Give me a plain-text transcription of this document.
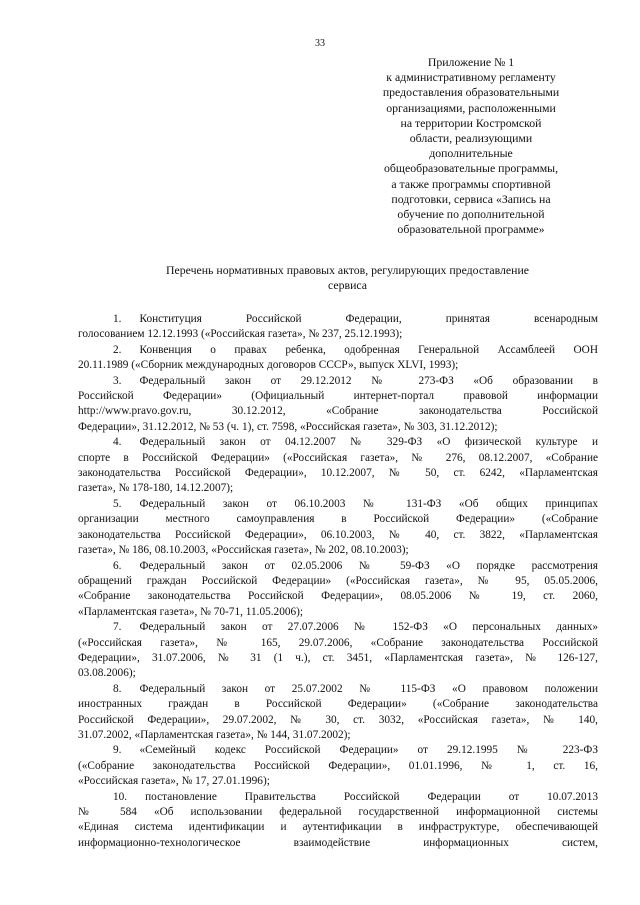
33
Приложение № 1
к административному регламенту
предоставления образовательными
организациями, расположенными
на территории Костромской
области, реализующими
дополнительные
общеобразовательные программы,
а также программы спортивной
подготовки, сервиса «Запись на
обучение по дополнительной
образовательной программе»
Перечень нормативных правовых актов, регулирующих предоставление
сервиса
1. Конституция Российской Федерации, принятая всенародным
голосованием 12.12.1993 («Российская газета», № 237, 25.12.1993);
2. Конвенция о правах ребенка, одобренная Генеральной Ассамблеей ООН
20.11.1989 («Сборник международных договоров СССР», выпуск XLVI, 1993);
3. Федеральный закон от 29.12.2012 № 273-ФЗ «Об образовании в
Российской Федерации» (Официальный интернет-портал правовой информации
http://www.pravo.gov.ru, 30.12.2012, «Собрание законодательства Российской
Федерации», 31.12.2012, № 53 (ч. 1), ст. 7598, «Российская газета», № 303, 31.12.2012);
4. Федеральный закон от 04.12.2007 № 329-ФЗ «О физической культуре и
спорте в Российской Федерации» («Российская газета», № 276, 08.12.2007, «Собрание
законодательства Российской Федерации», 10.12.2007, № 50, ст. 6242, «Парламентская
газета», № 178-180, 14.12.2007);
5. Федеральный закон от 06.10.2003 № 131-ФЗ «Об общих принципах
организации местного самоуправления в Российской Федерации» («Собрание
законодательства Российской Федерации», 06.10.2003, № 40, ст. 3822, «Парламентская
газета», № 186, 08.10.2003, «Российская газета», № 202, 08.10.2003);
6. Федеральный закон от 02.05.2006 № 59-ФЗ «О порядке рассмотрения
обращений граждан Российской Федерации» («Российская газета», № 95, 05.05.2006,
«Собрание законодательства Российской Федерации», 08.05.2006 № 19, ст. 2060,
«Парламентская газета», № 70-71, 11.05.2006);
7. Федеральный закон от 27.07.2006 № 152-ФЗ «О персональных данных»
(«Российская газета», № 165, 29.07.2006, «Собрание законодательства Российской
Федерации», 31.07.2006, № 31 (1 ч.), ст. 3451, «Парламентская газета», № 126-127,
03.08.2006);
8. Федеральный закон от 25.07.2002 № 115-ФЗ «О правовом положении
иностранных граждан в Российской Федерации» («Собрание законодательства
Российской Федерации», 29.07.2002, № 30, ст. 3032, «Российская газета», № 140,
31.07.2002, «Парламентская газета», № 144, 31.07.2002);
9. «Семейный кодекс Российской Федерации» от 29.12.1995 № 223-ФЗ
(«Собрание законодательства Российской Федерации», 01.01.1996, № 1, ст. 16,
«Российская газета», № 17, 27.01.1996);
10. постановление Правительства Российской Федерации от 10.07.2013
№ 584 «Об использовании федеральной государственной информационной системы
«Единая система идентификации и аутентификации в инфраструктуре, обеспечивающей
информационно-технологическое взаимодействие информационных систем,
